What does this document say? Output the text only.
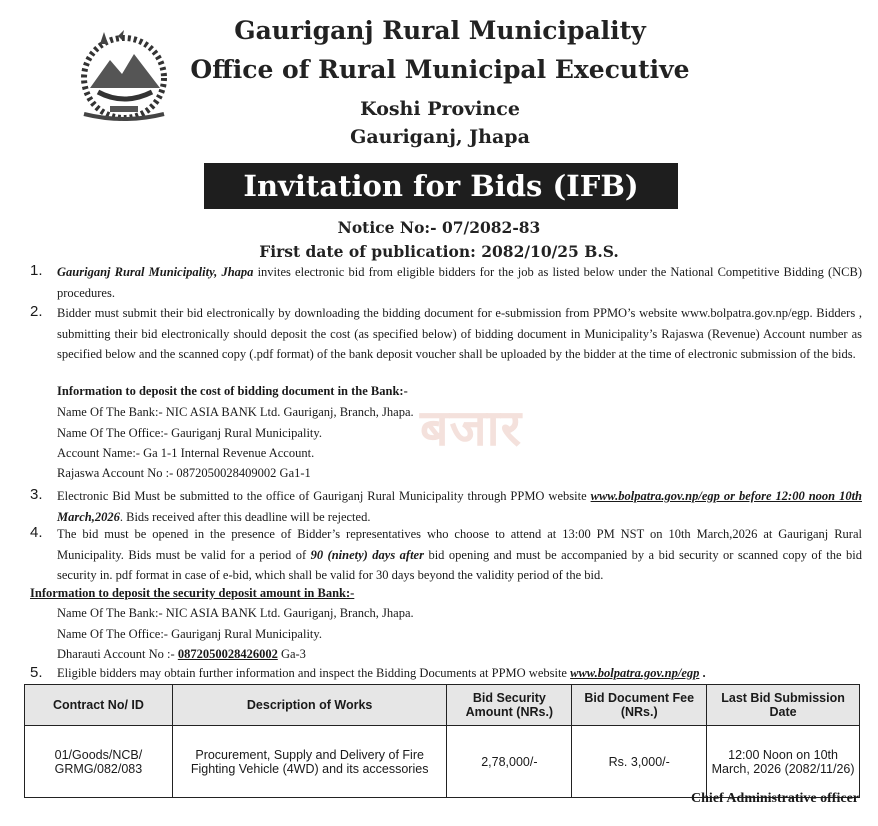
Gauriganj Rural Municipality
Office of Rural Municipal Executive
Koshi Province
Gauriganj, Jhapa
Invitation for Bids (IFB)
Notice No:- 07/2082-83
First date of publication: 2082/10/25 B.S.
बजार
1. Gauriganj Rural Municipality, Jhapa invites electronic bid from eligible bidders for the job as listed below under the National Competitive Bidding (NCB) procedures.
2. Bidder must submit their bid electronically by downloading the bidding document for e-submission from PPMO’s website www.bolpatra.gov.np/egp. Bidders , submitting their bid electronically should deposit the cost (as specified below) of bidding document in Municipality’s Rajaswa (Revenue) Account number as specified below and the scanned copy (.pdf format) of the bank deposit voucher shall be uploaded by the bidder at the time of electronic submission of the bids.
Information to deposit the cost of bidding document in the Bank:-
Name Of The Bank:- NIC ASIA BANK Ltd. Gauriganj, Branch, Jhapa.
Name Of The Office:- Gauriganj Rural Municipality.
Account Name:- Ga 1-1 Internal Revenue Account.
Rajaswa Account No :- 0872050028409002 Ga1-1
3. Electronic Bid Must be submitted to the office of Gauriganj Rural Municipality through PPMO website www.bolpatra.gov.np/egp or before 12:00 noon 10th March,2026. Bids received after this deadline will be rejected.
4. The bid must be opened in the presence of Bidder’s representatives who choose to attend at 13:00 PM NST on 10th March,2026 at Gauriganj Rural Municipality. Bids must be valid for a period of 90 (ninety) days after bid opening and must be accompanied by a bid security or scanned copy of the bid security in. pdf format in case of e-bid, which shall be valid for 30 days beyond the validity period of the bid.
Information to deposit the security deposit amount in Bank:-
Name Of The Bank:- NIC ASIA BANK Ltd. Gauriganj, Branch, Jhapa.
Name Of The Office:- Gauriganj Rural Municipality.
Dharauti Account No :- 0872050028426002 Ga-3
5. Eligible bidders may obtain further information and inspect the Bidding Documents at PPMO website www.bolpatra.gov.np/egp .
Contract No/ ID	Description of Works	Bid Security Amount (NRs.)	Bid Document Fee (NRs.)	Last Bid Submission Date
01/Goods/NCB/ GRMG/082/083	Procurement, Supply and Delivery of Fire Fighting Vehicle (4WD) and its accessories	2,78,000/-	Rs. 3,000/-	12:00 Noon on 10th March, 2026 (2082/11/26)
Chief Administrative officer
